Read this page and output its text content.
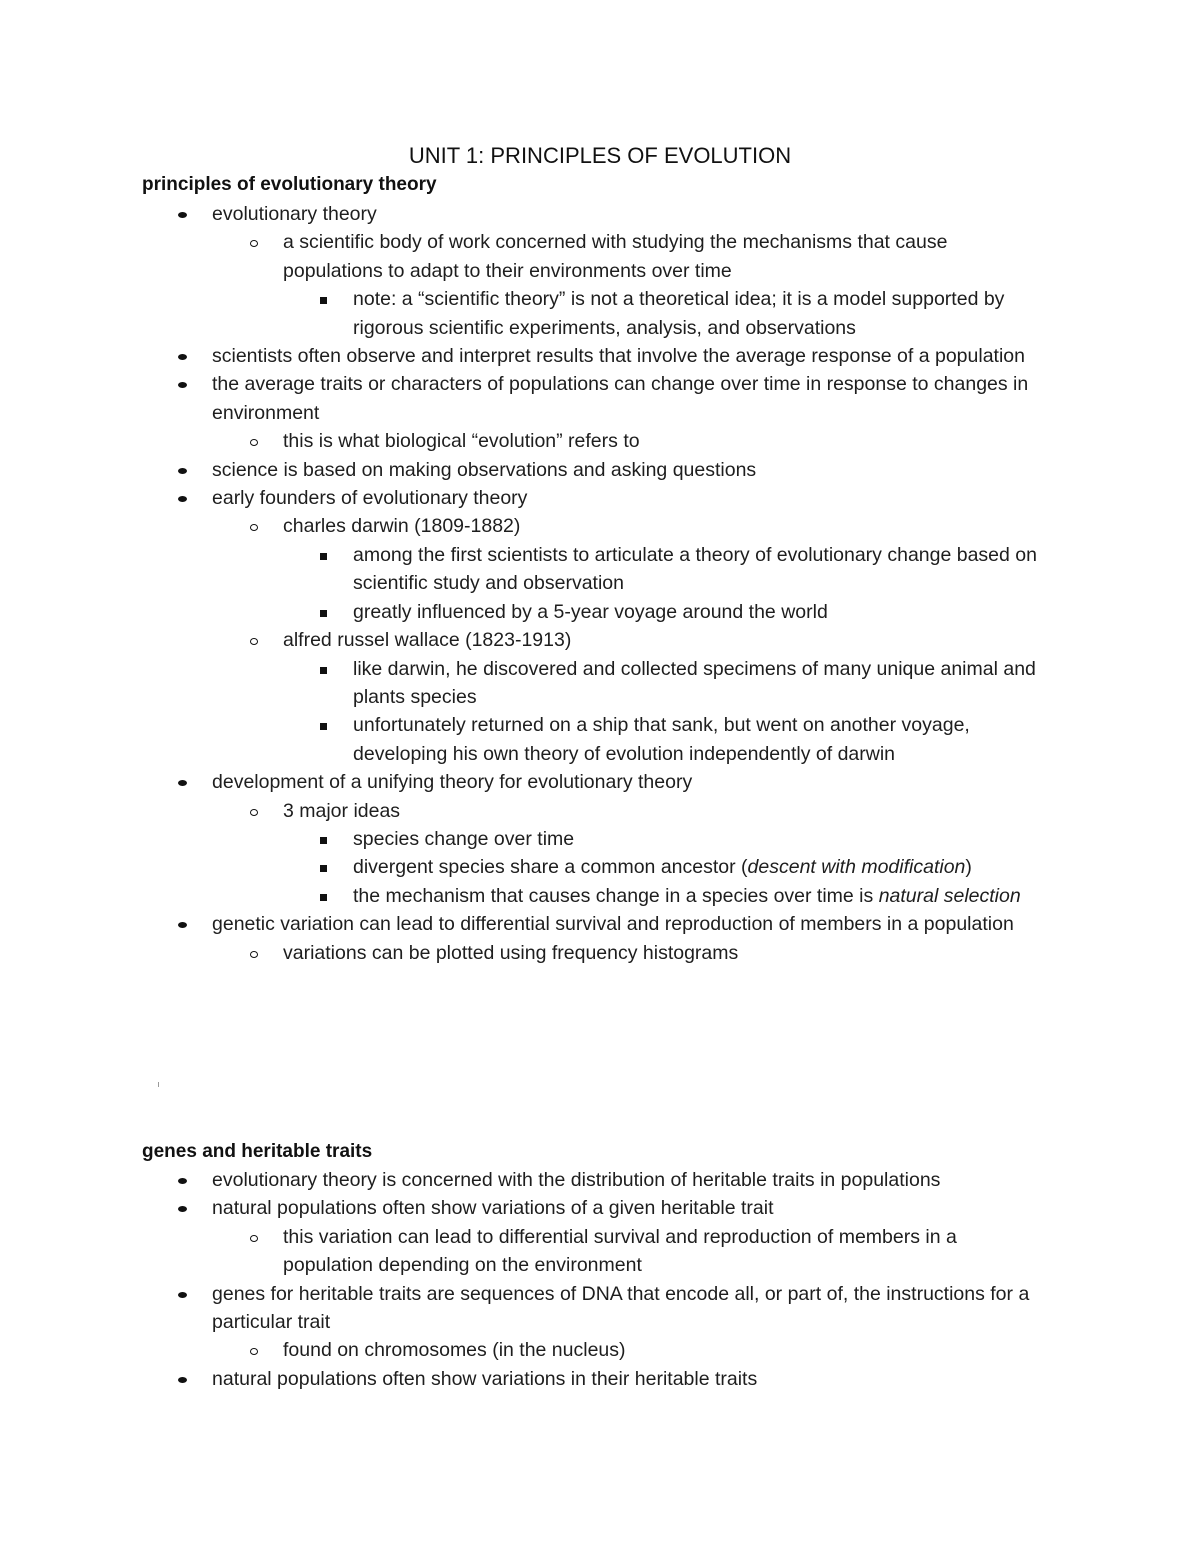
UNIT 1: PRINCIPLES OF EVOLUTION
principles of evolutionary theory
evolutionary theory
a scientific body of work concerned with studying the mechanisms that cause populations to adapt to their environments over time
note: a “scientific theory” is not a theoretical idea; it is a model supported by rigorous scientific experiments, analysis, and observations
scientists often observe and interpret results that involve the average response of a population
the average traits or characters of populations can change over time in response to changes in environment
this is what biological “evolution” refers to
science is based on making observations and asking questions
early founders of evolutionary theory
charles darwin (1809-1882)
among the first scientists to articulate a theory of evolutionary change based on scientific study and observation
greatly influenced by a 5-year voyage around the world
alfred russel wallace (1823-1913)
like darwin, he discovered and collected specimens of many unique animal and plants species
unfortunately returned on a ship that sank, but went on another voyage, developing his own theory of evolution independently of darwin
development of a unifying theory for evolutionary theory
3 major ideas
species change over time
divergent species share a common ancestor (descent with modification)
the mechanism that causes change in a species over time is natural selection
genetic variation can lead to differential survival and reproduction of members in a population
variations can be plotted using frequency histograms
genes and heritable traits
evolutionary theory is concerned with the distribution of heritable traits in populations
natural populations often show variations of a given heritable trait
this variation can lead to differential survival and reproduction of members in a population depending on the environment
genes for heritable traits are sequences of DNA that encode all, or part of, the instructions for a particular trait
found on chromosomes (in the nucleus)
natural populations often show variations in their heritable traits
